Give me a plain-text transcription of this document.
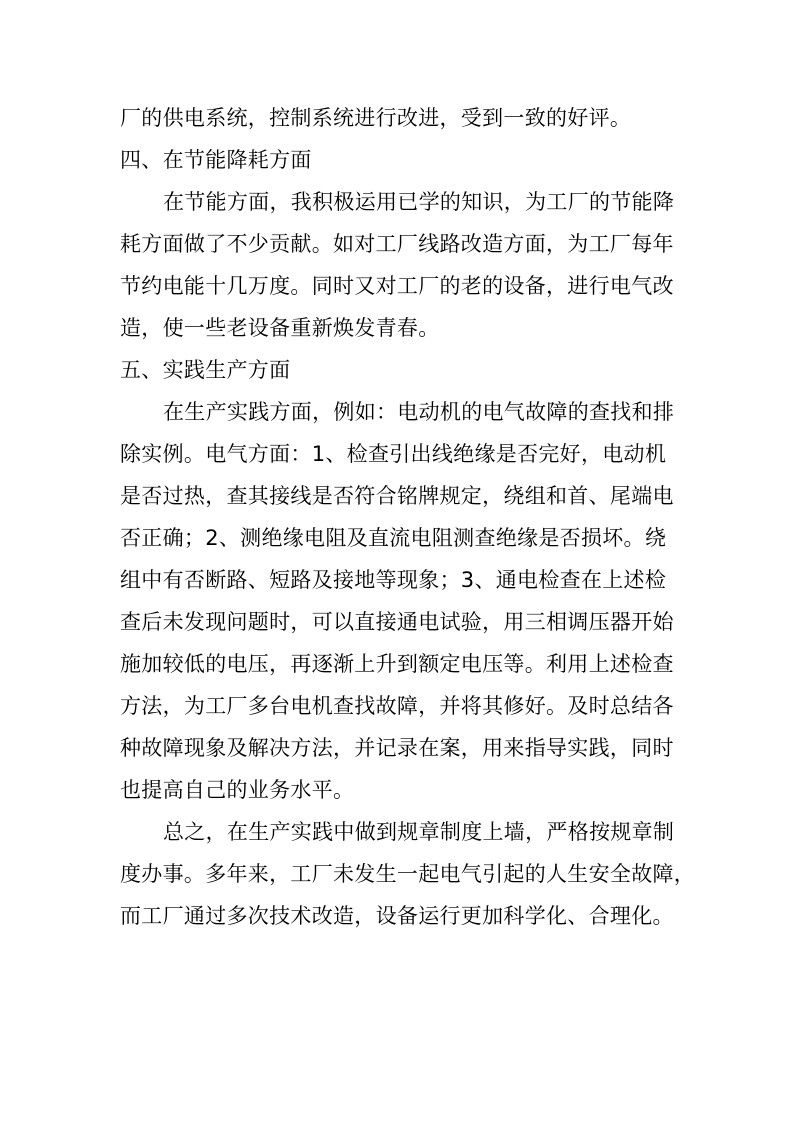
厂的供电系统，控制系统进行改进，受到一致的好评。
四、在节能降耗方面
在节能方面，我积极运用已学的知识，为工厂的节能降
耗方面做了不少贡献。如对工厂线路改造方面，为工厂每年
节约电能十几万度。同时又对工厂的老的设备，进行电气改
造，使一些老设备重新焕发青春。
五、实践生产方面
在生产实践方面，例如：电动机的电气故障的查找和排
除实例。电气方面：1、检查引出线绝缘是否完好，电动机
是否过热，查其接线是否符合铭牌规定，绕组和首、尾端电
否正确；2、测绝缘电阻及直流电阻测查绝缘是否损坏。绕
组中有否断路、短路及接地等现象；3、通电检查在上述检
查后未发现问题时，可以直接通电试验，用三相调压器开始
施加较低的电压，再逐渐上升到额定电压等。利用上述检查
方法，为工厂多台电机查找故障，并将其修好。及时总结各
种故障现象及解决方法，并记录在案，用来指导实践，同时
也提高自己的业务水平。
总之，在生产实践中做到规章制度上墙，严格按规章制
度办事。多年来，工厂未发生一起电气引起的人生安全故障，
而工厂通过多次技术改造，设备运行更加科学化、合理化。
